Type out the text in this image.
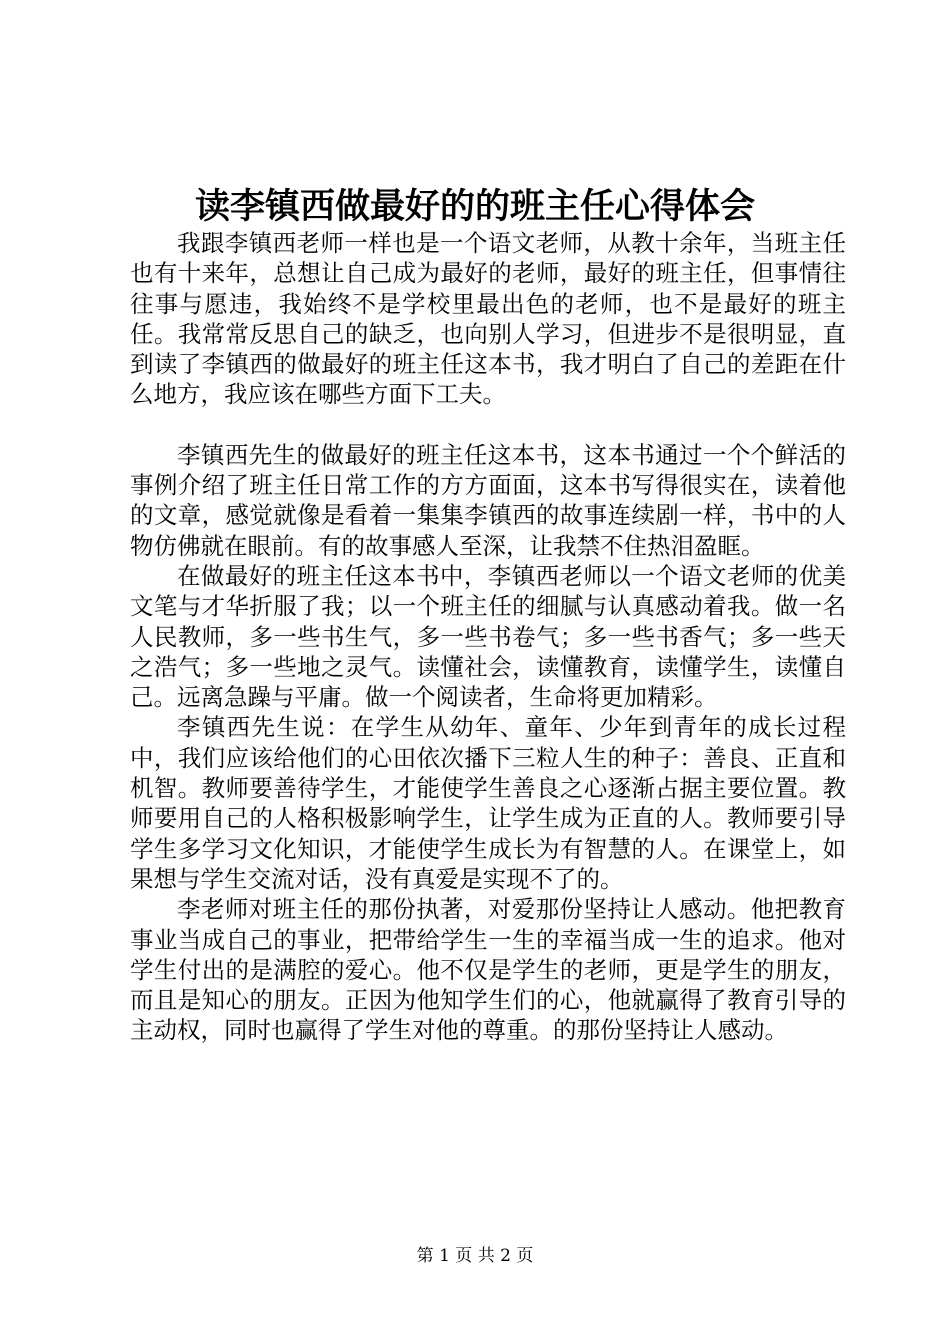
读李镇西做最好的的班主任心得体会

我跟李镇西老师一样也是一个语文老师，从教十余年，当班主任也有十来年，总想让自己成为最好的老师，最好的班主任，但事情往往事与愿违，我始终不是学校里最出色的老师，也不是最好的班主任。我常常反思自己的缺乏，也向别人学习，但进步不是很明显，直到读了李镇西的做最好的班主任这本书，我才明白了自己的差距在什么地方，我应该在哪些方面下工夫。

李镇西先生的做最好的班主任这本书，这本书通过一个个鲜活的事例介绍了班主任日常工作的方方面面，这本书写得很实在，读着他的文章，感觉就像是看着一集集李镇西的故事连续剧一样，书中的人物仿佛就在眼前。有的故事感人至深，让我禁不住热泪盈眶。

在做最好的班主任这本书中，李镇西老师以一个语文老师的优美文笔与才华折服了我；以一个班主任的细腻与认真感动着我。做一名人民教师，多一些书生气，多一些书卷气；多一些书香气；多一些天之浩气；多一些地之灵气。读懂社会，读懂教育，读懂学生，读懂自己。远离急躁与平庸。做一个阅读者，生命将更加精彩。

李镇西先生说：在学生从幼年、童年、少年到青年的成长过程中，我们应该给他们的心田依次播下三粒人生的种子：善良、正直和机智。教师要善待学生，才能使学生善良之心逐渐占据主要位置。教师要用自己的人格积极影响学生，让学生成为正直的人。教师要引导学生多学习文化知识，才能使学生成长为有智慧的人。在课堂上，如果想与学生交流对话，没有真爱是实现不了的。

李老师对班主任的那份执著，对爱那份坚持让人感动。他把教育事业当成自己的事业，把带给学生一生的幸福当成一生的追求。他对学生付出的是满腔的爱心。他不仅是学生的老师，更是学生的朋友，而且是知心的朋友。正因为他知学生们的心，他就赢得了教育引导的主动权，同时也赢得了学生对他的尊重。的那份坚持让人感动。

第 1 页 共 2 页
